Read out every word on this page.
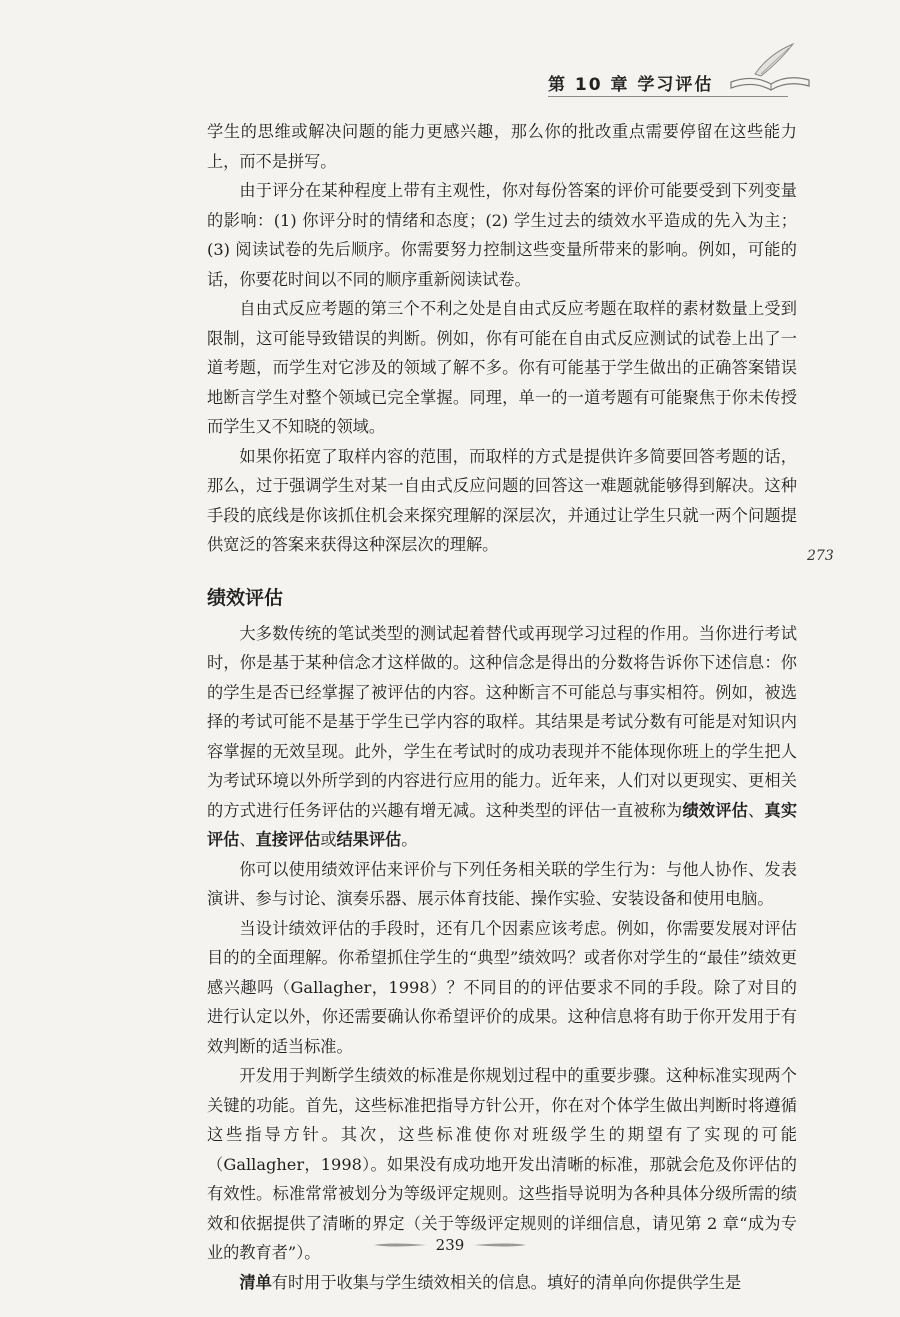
第 10 章 学习评估
273

学生的思维或解决问题的能力更感兴趣，那么你的批改重点需要停留在这些能力上，而不是拼写。

由于评分在某种程度上带有主观性，你对每份答案的评价可能要受到下列变量的影响：(1) 你评分时的情绪和态度；(2) 学生过去的绩效水平造成的先入为主；(3) 阅读试卷的先后顺序。你需要努力控制这些变量所带来的影响。例如，可能的话，你要花时间以不同的顺序重新阅读试卷。

自由式反应考题的第三个不利之处是自由式反应考题在取样的素材数量上受到限制，这可能导致错误的判断。例如，你有可能在自由式反应测试的试卷上出了一道考题，而学生对它涉及的领域了解不多。你有可能基于学生做出的正确答案错误地断言学生对整个领域已完全掌握。同理，单一的一道考题有可能聚焦于你未传授而学生又不知晓的领域。

如果你拓宽了取样内容的范围，而取样的方式是提供许多简要回答考题的话，那么，过于强调学生对某一自由式反应问题的回答这一难题就能够得到解决。这种手段的底线是你该抓住机会来探究理解的深层次，并通过让学生只就一两个问题提供宽泛的答案来获得这种深层次的理解。

绩效评估

大多数传统的笔试类型的测试起着替代或再现学习过程的作用。当你进行考试时，你是基于某种信念才这样做的。这种信念是得出的分数将告诉你下述信息：你的学生是否已经掌握了被评估的内容。这种断言不可能总与事实相符。例如，被选择的考试可能不是基于学生已学内容的取样。其结果是考试分数有可能是对知识内容掌握的无效呈现。此外，学生在考试时的成功表现并不能体现你班上的学生把人为考试环境以外所学到的内容进行应用的能力。近年来，人们对以更现实、更相关的方式进行任务评估的兴趣有增无减。这种类型的评估一直被称为绩效评估、真实评估、直接评估或结果评估。

你可以使用绩效评估来评价与下列任务相关联的学生行为：与他人协作、发表演讲、参与讨论、演奏乐器、展示体育技能、操作实验、安装设备和使用电脑。

当设计绩效评估的手段时，还有几个因素应该考虑。例如，你需要发展对评估目的的全面理解。你希望抓住学生的“典型”绩效吗？或者你对学生的“最佳”绩效更感兴趣吗（Gallagher，1998）？不同目的的评估要求不同的手段。除了对目的进行认定以外，你还需要确认你希望评价的成果。这种信息将有助于你开发用于有效判断的适当标准。

开发用于判断学生绩效的标准是你规划过程中的重要步骤。这种标准实现两个关键的功能。首先，这些标准把指导方针公开，你在对个体学生做出判断时将遵循这些指导方针。其次，这些标准使你对班级学生的期望有了实现的可能（Gallagher，1998）。如果没有成功地开发出清晰的标准，那就会危及你评估的有效性。标准常常被划分为等级评定规则。这些指导说明为各种具体分级所需的绩效和依据提供了清晰的界定（关于等级评定规则的详细信息，请见第 2 章“成为专业的教育者”）。

清单有时用于收集与学生绩效相关的信息。填好的清单向你提供学生是

239
